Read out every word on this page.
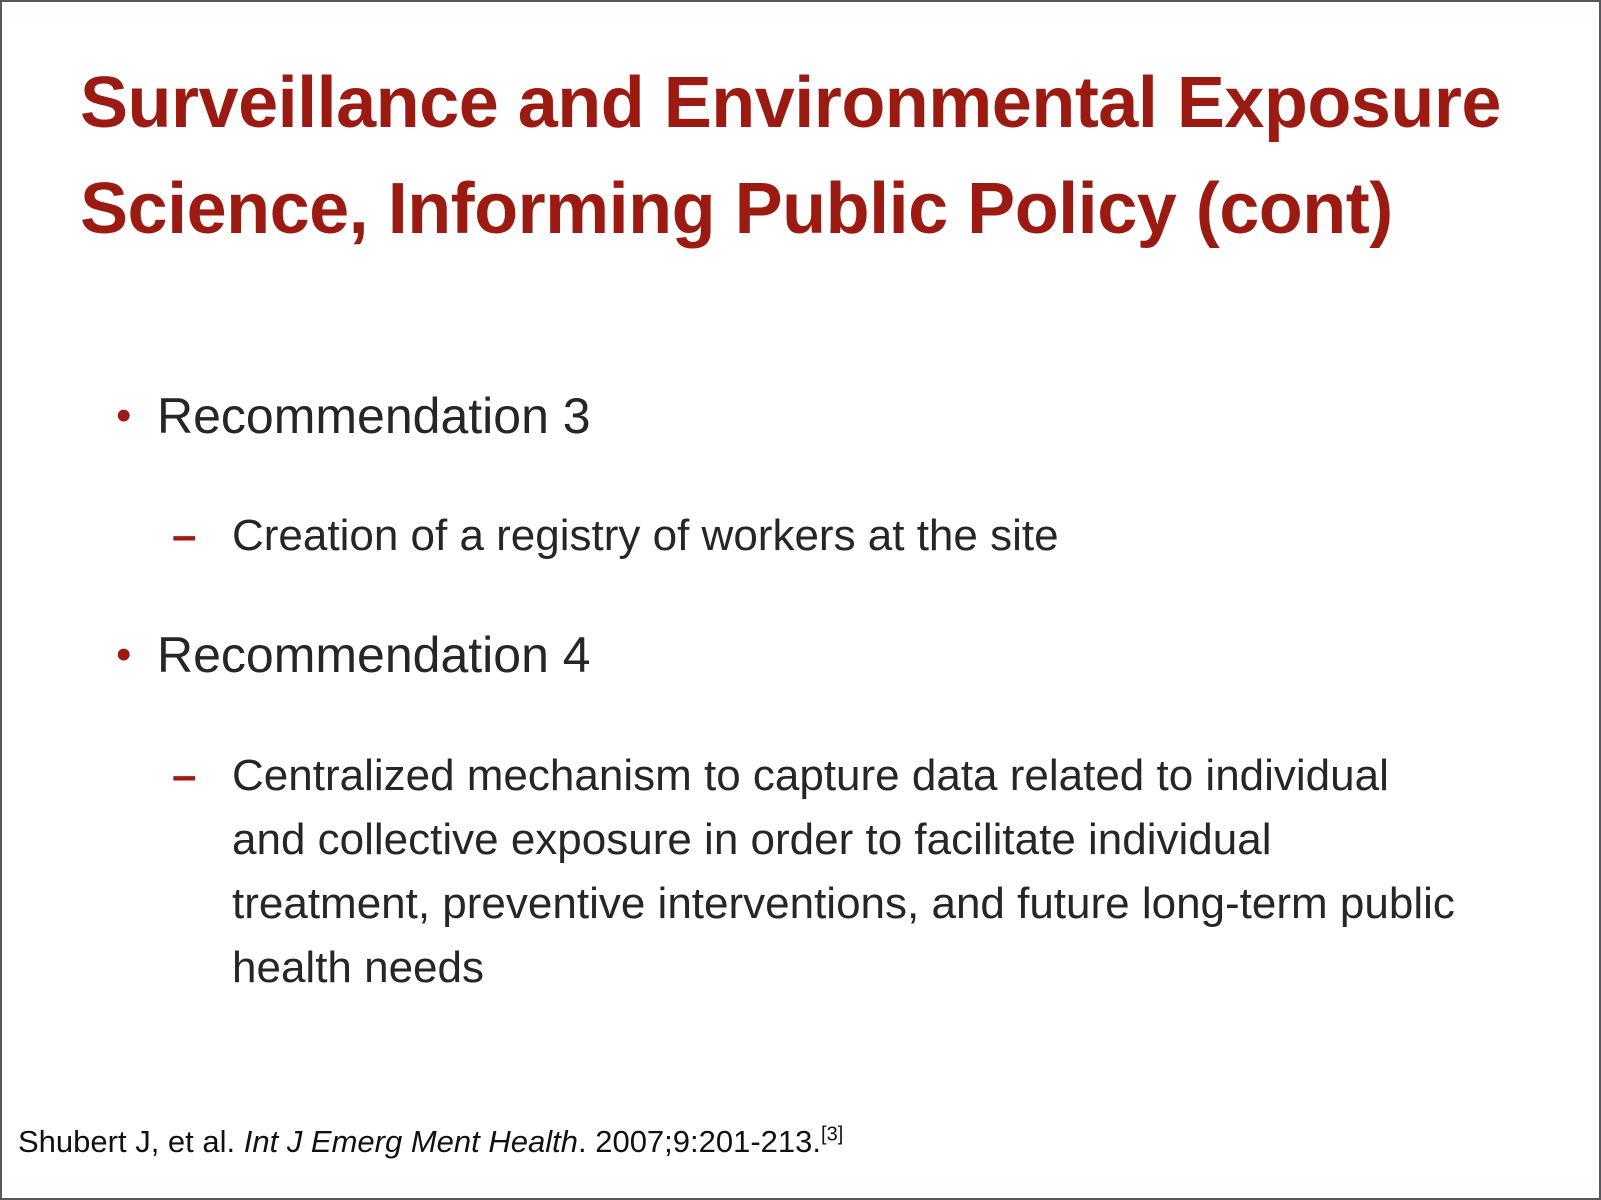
Surveillance and Environmental Exposure Science, Informing Public Policy (cont)
• Recommendation 3
– Creation of a registry of workers at the site
• Recommendation 4
– Centralized mechanism to capture data related to individual and collective exposure in order to facilitate individual treatment, preventive interventions, and future long-term public health needs
Shubert J, et al. Int J Emerg Ment Health. 2007;9:201-213.[3]
